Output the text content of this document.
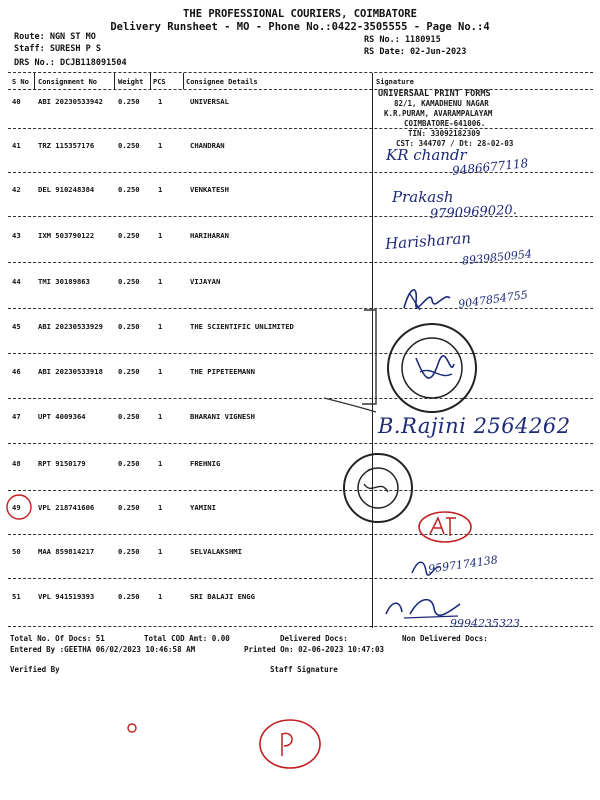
THE PROFESSIONAL COURIERS, COIMBATORE
Delivery Runsheet - MO - Phone No.:0422-3505555 - Page No.:4
Route: NGN ST MO
Staff: SURESH P S
DRS No.: DCJB118091504
RS No.: 1180915
RS Date: 02-Jun-2023
S No Consignment No	Weight PCS	Consignee Details	Signature
40 ABI 20230533942 0.250	1	UNIVERSAL
41 TRZ 115357176	0.250	1	CHANDRAN
42 DEL 910248384	0.250	1	VENKATESH
43 IXM 503790122	0.250	1	HARIHARAN
44 TMI 30189863	0.250	1	VIJAYAN
45 ABI 20230533929 0.250	1	THE SCIENTIFIC UNLIMITED
46 ABI 20230533918 0.250	1	THE PIPETEEMANN
47 UPT 4009364	0.250	1	BHARANI VIGNESH
48 RPT 9150179	0.250	1	FREHNIG
49 VPL 218741606	0.250	1	YAMINI
50 MAA 859814217	0.250	1	SELVALAKSHMI
51 VPL 941519393	0.250	1	SRI BALAJI ENGG
UNIVERSAAL PRINT FORMS
82/1, KAMADHENU NAGAR
K.R.PURAM, AVARAMPALAYAM
COIMBATORE-641006.
TIN: 33092182309
CST: 344707 / Dt: 28-02-03
KR chandr
9486677118
Prakash
9790969020.
Harisharan
8939850954
9047854755
B.Rajini 2564262
9597174138
9994235323
Total No. Of Docs: 51	Total COD Amt: 0.00	Delivered Docs:	Non Delivered Docs:
Entered By :GEETHA 06/02/2023 10:46:58 AM	Printed On: 02-06-2023 10:47:03
Verified By	Staff Signature
